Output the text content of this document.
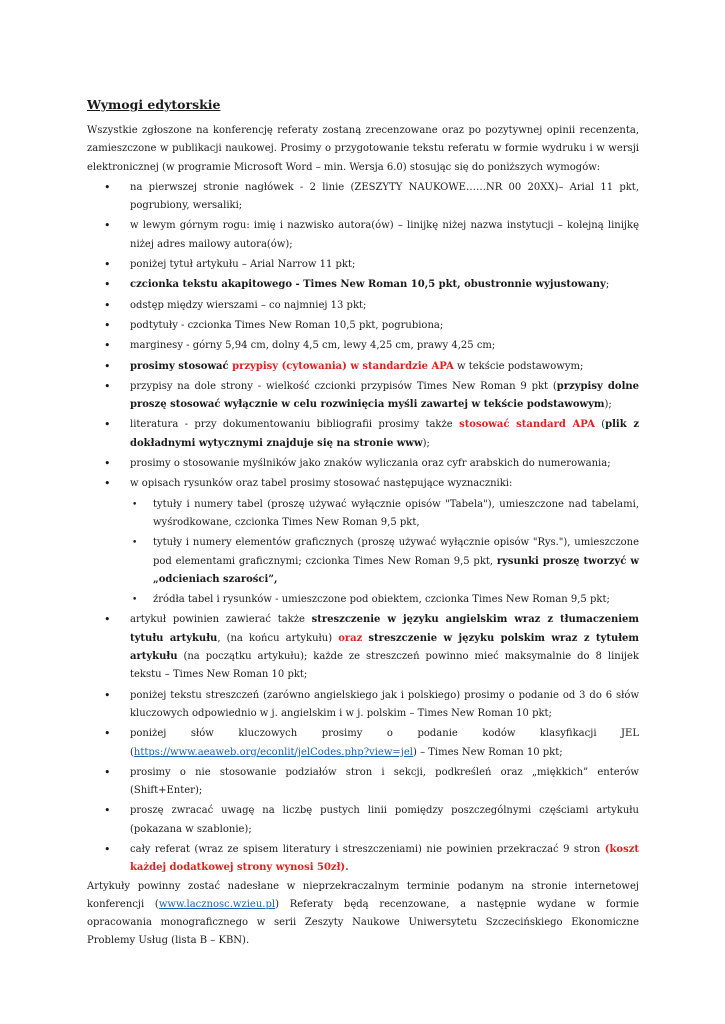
Wymogi edytorskie

Wszystkie zgłoszone na konferencję referaty zostaną zrecenzowane oraz po pozytywnej opinii recenzenta, zamieszczone w publikacji naukowej. Prosimy o przygotowanie tekstu referatu w formie wydruku i w wersji elektronicznej (w programie Microsoft Word – min. Wersja 6.0) stosując się do poniższych wymogów:

• na pierwszej stronie nagłówek - 2 linie (ZESZYTY NAUKOWE……NR 00 20XX)– Arial 11 pkt, pogrubiony, wersaliki;
• w lewym górnym rogu: imię i nazwisko autora(ów) – linijkę niżej nazwa instytucji – kolejną linijkę niżej adres mailowy autora(ów);
• poniżej tytuł artykułu – Arial Narrow 11 pkt;
• czcionka tekstu akapitowego - Times New Roman 10,5 pkt, obustronnie wyjustowany;
• odstęp między wierszami – co najmniej 13 pkt;
• podtytuły - czcionka Times New Roman 10,5 pkt, pogrubiona;
• marginesy - górny 5,94 cm, dolny 4,5 cm, lewy 4,25 cm, prawy 4,25 cm;
• prosimy stosować przypisy (cytowania) w standardzie APA w tekście podstawowym;
• przypisy na dole strony - wielkość czcionki przypisów Times New Roman 9 pkt (przypisy dolne proszę stosować wyłącznie w celu rozwinięcia myśli zawartej w tekście podstawowym);
• literatura - przy dokumentowaniu bibliografii prosimy także stosować standard APA (plik z dokładnymi wytycznymi znajduje się na stronie www);
• prosimy o stosowanie myślników jako znaków wyliczania oraz cyfr arabskich do numerowania;
• w opisach rysunków oraz tabel prosimy stosować następujące wyznaczniki:
• tytuły i numery tabel (proszę używać wyłącznie opisów "Tabela"), umieszczone nad tabelami, wyśrodkowane, czcionka Times New Roman 9,5 pkt,
• tytuły i numery elementów graficznych (proszę używać wyłącznie opisów "Rys."), umieszczone pod elementami graficznymi; czcionka Times New Roman 9,5 pkt, rysunki proszę tworzyć w „odcieniach szarości”,
• źródła tabel i rysunków - umieszczone pod obiektem, czcionka Times New Roman 9,5 pkt;
• artykuł powinien zawierać także streszczenie w języku angielskim wraz z tłumaczeniem tytułu artykułu, (na końcu artykułu) oraz streszczenie w języku polskim wraz z tytułem artykułu (na początku artykułu); każde ze streszczeń powinno mieć maksymalnie do 8 linijek tekstu – Times New Roman 10 pkt;
• poniżej tekstu streszczeń (zarówno angielskiego jak i polskiego) prosimy o podanie od 3 do 6 słów kluczowych odpowiednio w j. angielskim i w j. polskim – Times New Roman 10 pkt;
• poniżej słów kluczowych prosimy o podanie kodów klasyfikacji JEL (https://www.aeaweb.org/econlit/jelCodes.php?view=jel) – Times New Roman 10 pkt;
• prosimy o nie stosowanie podziałów stron i sekcji, podkreśleń oraz „miękkich” enterów (Shift+Enter);
• proszę zwracać uwagę na liczbę pustych linii pomiędzy poszczególnymi częściami artykułu (pokazana w szablonie);
• cały referat (wraz ze spisem literatury i streszczeniami) nie powinien przekraczać 9 stron (koszt każdej dodatkowej strony wynosi 50zł).

Artykuły powinny zostać nadesłane w nieprzekraczalnym terminie podanym na stronie internetowej konferencji (www.lacznosc.wzieu.pl) Referaty będą recenzowane, a następnie wydane w formie opracowania monograficznego w serii Zeszyty Naukowe Uniwersytetu Szczecińskiego Ekonomiczne Problemy Usług (lista B – KBN).
